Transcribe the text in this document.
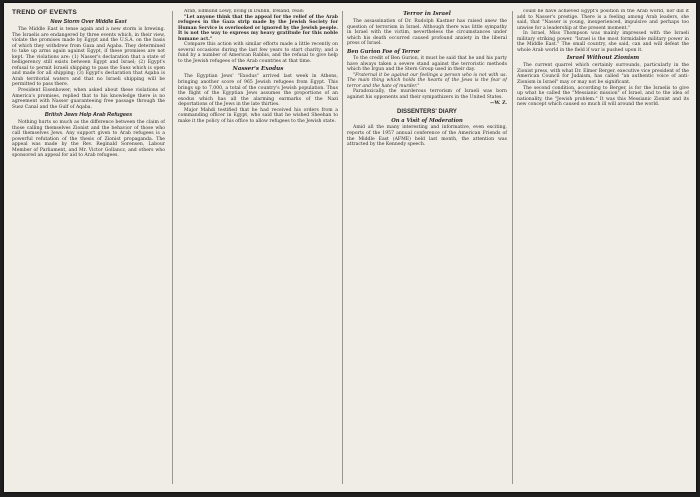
TREND OF EVENTS
New Storm Over Middle East

The Middle East is tense again and a new storm is brewing. The Israelis are endangered by three events which, in their view, violate the promises made by Egypt and the U.S.A. on the basis of which they withdrew from Gaza and Aqaba. They determined to take up arms again against Egypt, if these promises are not kept. The violations are: (1) Nasser's declaration that a state of belligerency still exists between Egypt and Israel; (2) Egypt's refusal to permit Israeli shipping to pass the Suez which is open and made for all shipping; (3) Egypt's declaration that Aqaba is Arab territorial waters and that no Israeli shipping will be permitted to pass there.

President Eisenhower, when asked about these violations of America's promises, replied that to his knowledge there is no agreement with Nasser guaranteeing free passage through the Suez Canal and the Gulf of Aqaba.

British Jews Help Arab Refugees

Nothing hurts so much as the difference between the claim of those calling themselves Zionist and the behavior of those who call themselves Jews. Any support given to Arab refugees is a powerful refutation of the thesis of Zionist propaganda. The appeal was made by the Rev. Reginald Sorensen, Labour Member of Parliament, and Mr. Victor Gollancz, and others who sponsored an appeal for aid to Arab refugees.

Arab, Edmund Lewy, living in Dublin, Ireland, read:

"Let anyone think that the appeal for the relief of the Arab refugees in the Gaza strip made by the Jewish Society for Human Service is overlooked or ignored by the Jewish people. It is not the way to express my heavy gratitude for this noble humane act."

Compare this action with similar efforts made a little recently on several occasions during the last few years to start charity; and a fund by a number of American Rabbis, and the refusal to give help to the Jewish refugees of the Arab countries at that time.

Nasser's Exodus

The Egyptian Jews' "Exodus" arrived last week in Athens, bringing another score of 965 Jewish refugees from Egypt. This brings up to 7,000, a total of the country's Jewish population. Thus the flight of the Egyptian Jews assumes the proportions of an exodus which has all the alarming earmarks of the Nazi deportations of the Jews in the late thirties.

Major Mahdi testified that he had received his orders from a commanding officer in Egypt, who said that he wished Sheehan to make it the policy of his office to allow refugees to the Jewish state.

Terror in Israel

The assassination of Dr. Rudolph Kastner has raised anew the question of terrorism in Israel. Although there was little sympathy in Israel with the victim, nevertheless the circumstances under which his death occurred caused profound anxiety in the liberal press of Israel.

Ben Gurion Foe of Terror

To the credit of Ben Gurion, it must be said that he and his party have always taken a severe stand against the terroristic methods which the Irgun and the Stern Group used in their day.

"Fraternal it be against our feelings a person who is not with us. The main thing which holds the hearts of the Jews is the fear of terror and the hate of murder."

Paradoxically, the murderous terrorism of Israeli was born against his opponents and their sympathizers in the United States.

—W. Z.

DISSENTERS' DIARY
On a Visit of Moderation

Amid all the many interesting and informative, even exciting, reports of the 1957 annual conference of the American Friends of the Middle East (AFME) held last month, the attention was attracted by the Kennedy speech.

could he have achieved Egypt's position in the Arab world, nor did it add to Nasser's prestige. There is a feeling among Arab leaders, she said, that "Nasser is young, inexperienced, impulsive and perhaps too unwise for a leadership at the present moment."

In Israel, Miss Thompson was mainly impressed with the Israeli military striking power. "Israel is the most formidable military power in the Middle East." The small country, she said, can and will defeat the whole Arab world in the field if war is pushed upon it.

Israel Without Zionism

The current quarrel which certainly surrounds, particularly in the Zionist press, with what Dr. Elmer Berger, executive vice president of the American Council for Judaism, has called "an authentic voice of anti-Zionism in Israel" may or may not be significant.

The second condition, according to Berger, is for the Israelis to give up what he called the "Messianic mission" of Israel, and to the idea of nationality, the "Jewish problem." It was this Messianic Zionist and its new concept which caused so much ill will around the world.
